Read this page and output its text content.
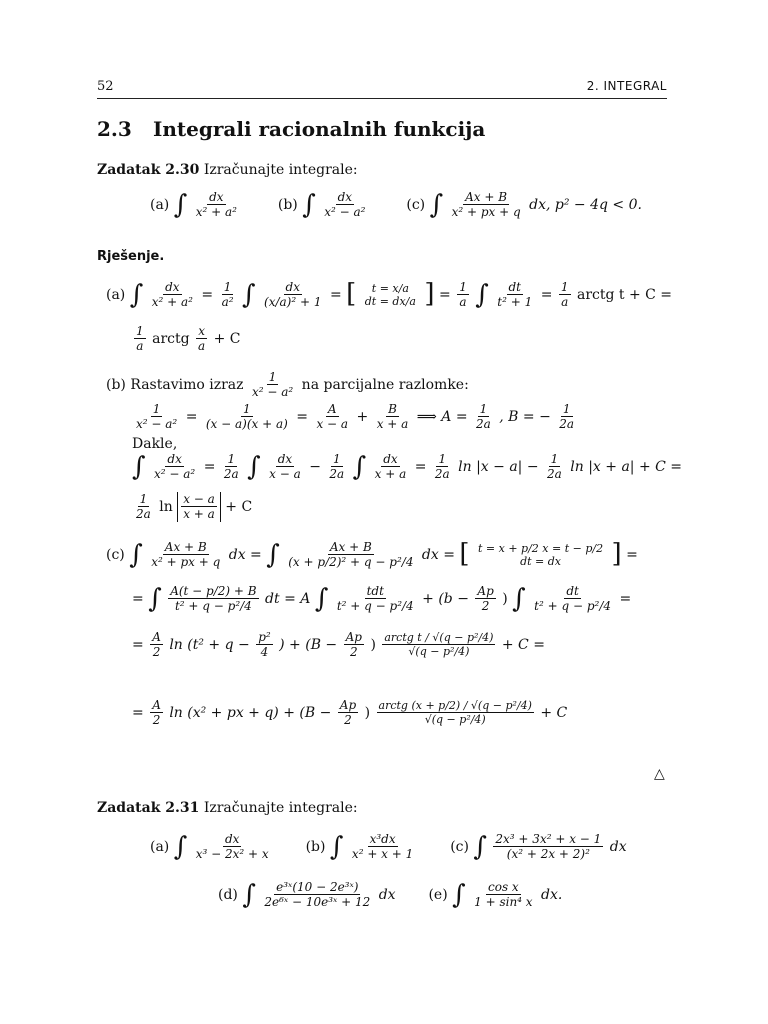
52	2. INTEGRAL
2.3 Integrali racionalnih funkcija
Zadatak 2.30 Izračunajte integrale:
(a) ∫ $\frac{dx}{\text{x² + a²}}$	(b) ∫ $\frac{dx}{\text{x² − a²}}$	(c) ∫ $\frac{Ax + B}{\text{x² + px + q}}$ dx, p² − 4q < 0.
Rješenje.
(a) ∫ $\frac{dx}{\text{x² + a²}} = \frac{1}{\text{a²}}$ ∫ $\frac{dx}{\text{(x/a)² + 1}}$ = [ t = x/a
dt = dx/a ] = $\frac{1}{a}$ ∫ $\frac{dt}{\text{t² + 1}} = \frac{1}{a}$ arctg t + C =
$\frac{1}{a}$ arctg $\frac{x}{a} + C$
(b) Rastavimo izraz $\frac{1}{\text{x² − a²}}$ na parcijalne razlomke:
$\frac{1}{\text{x² − a²}} = \frac{1}{(x - a)(x + a)} = \frac{A}{x - a} + \frac{B}{x + a}$ ⟹ $A = \frac{1}{2a}$ , B = − $\frac{1}{2a}$
Dakle,
∫ $\frac{dx}{\text{x² − a²}} = \frac{1}{2a}$ ∫ $\frac{dx}{x - a} - \frac{1}{2a}$ ∫ $\frac{dx}{x + a} = \frac{1}{2a}$ $\ln |x - a| - \frac{1}{2a}$ ln |x + a| + C =
$\frac{1}{2a}$ $\ln \frac{x - a}{x + a} + C$
(c) ∫ $\frac{Ax + B}{\text{x² + px + q}}$ dx = ∫ $\frac{Ax + B}{\text{(x + p/2)² + q − p²/4}}$ dx = [ t = x + p/2 x = t − p/2
dt = dx ] =
= ∫ $\frac{A(t - p/2) + B}{\text{t² + q − p²/4}}$ dt = A ∫ $\frac{\text{tdt}}{\text{t² + q − p²/4}} + (b - \frac{Ap}{2}$ ) ∫ $\frac{dt}{\text{t² + q − p²/4}}$ =
= $\frac{A}{2}$ $\ln (t^2 + q - \frac{\text{p²}}{4}$ ) + ($B - \frac{Ap}{2}$ ) $\frac{\text{arctg t / √(q − p²/4)}}{\text{√(q − p²/4)}} + C$ =
= $\frac{A}{2}$ ln (x² + px + $q) + (B - \frac{Ap}{2}$ ) $\frac{\text{arctg (x + p/2) / √(q − p²/4)}}{\text{√(q − p²/4)}} + C$
△
Zadatak 2.31 Izračunajte integrale:
(a) ∫ $\frac{dx}{\text{x³ − 2x² + x}} (b)$ ∫ $\frac{\text{x³dx}}{\text{x² + x + 1}} (c)$ ∫ $\frac{\text{2x³ + 3x² + x − 1}}{\text{(x² + 2x + 2)²}}$ dx
(d) ∫ $\frac{\text{e³ˣ(10 − 2e³ˣ)}}{\text{2e⁶ˣ − 10e³ˣ + 12}}$ dx (e) ∫ $\frac{\text{cos x}}{\text{1 + sin⁴ x}}$ dx.
